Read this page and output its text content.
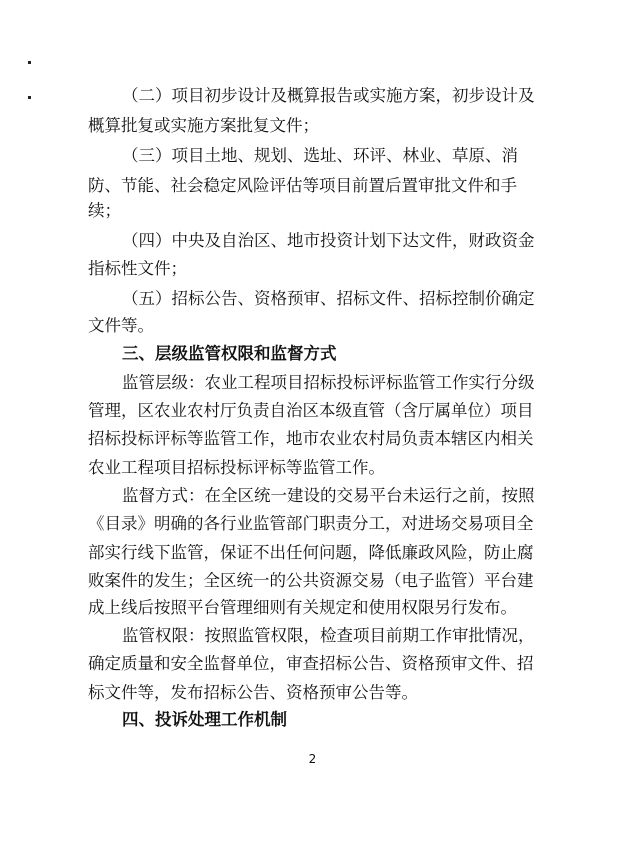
（二）项目初步设计及概算报告或实施方案，初步设计及
概算批复或实施方案批复文件；
（三）项目土地、规划、选址、环评、林业、草原、消
防、节能、社会稳定风险评估等项目前置后置审批文件和手
续；
（四）中央及自治区、地市投资计划下达文件，财政资金
指标性文件；
（五）招标公告、资格预审、招标文件、招标控制价确定
文件等。
三、层级监管权限和监督方式
监管层级：农业工程项目招标投标评标监管工作实行分级
管理，区农业农村厅负责自治区本级直管（含厅属单位）项目
招标投标评标等监管工作，地市农业农村局负责本辖区内相关
农业工程项目招标投标评标等监管工作。
监督方式：在全区统一建设的交易平台未运行之前，按照
《目录》明确的各行业监管部门职责分工，对进场交易项目全
部实行线下监管，保证不出任何问题，降低廉政风险，防止腐
败案件的发生；全区统一的公共资源交易（电子监管）平台建
成上线后按照平台管理细则有关规定和使用权限另行发布。
监管权限：按照监管权限，检查项目前期工作审批情况，
确定质量和安全监督单位，审查招标公告、资格预审文件、招
标文件等，发布招标公告、资格预审公告等。
四、投诉处理工作机制
2
